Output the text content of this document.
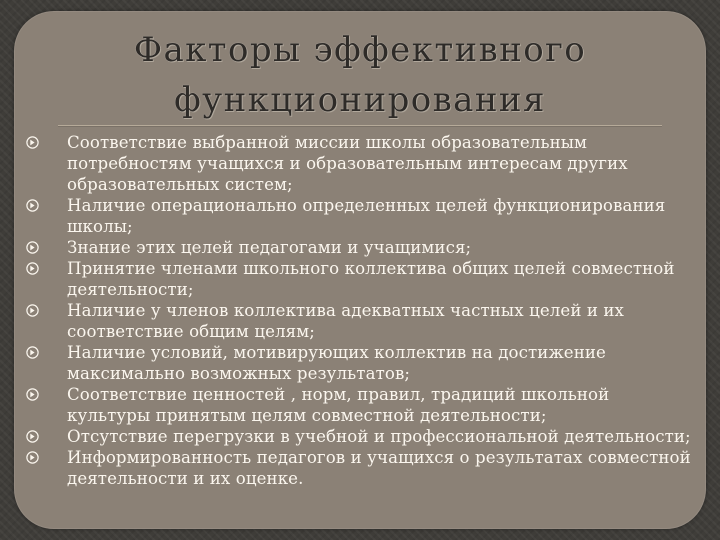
Факторы эффективного
функционирования
Соответствие выбранной миссии школы образовательным потребностям учащихся и образовательным интересам других образовательных систем;
Наличие операционально определенных целей функционирования школы;
Знание этих целей педагогами и учащимися;
Принятие членами школьного коллектива общих целей совместной деятельности;
Наличие у членов коллектива адекватных частных целей и их соответствие общим целям;
Наличие условий, мотивирующих коллектив на достижение максимально возможных результатов;
Соответствие ценностей , норм, правил, традиций школьной культуры принятым целям совместной деятельности;
Отсутствие перегрузки в учебной и профессиональной деятельности;
Информированность педагогов и учащихся о результатах совместной деятельности и их оценке.
